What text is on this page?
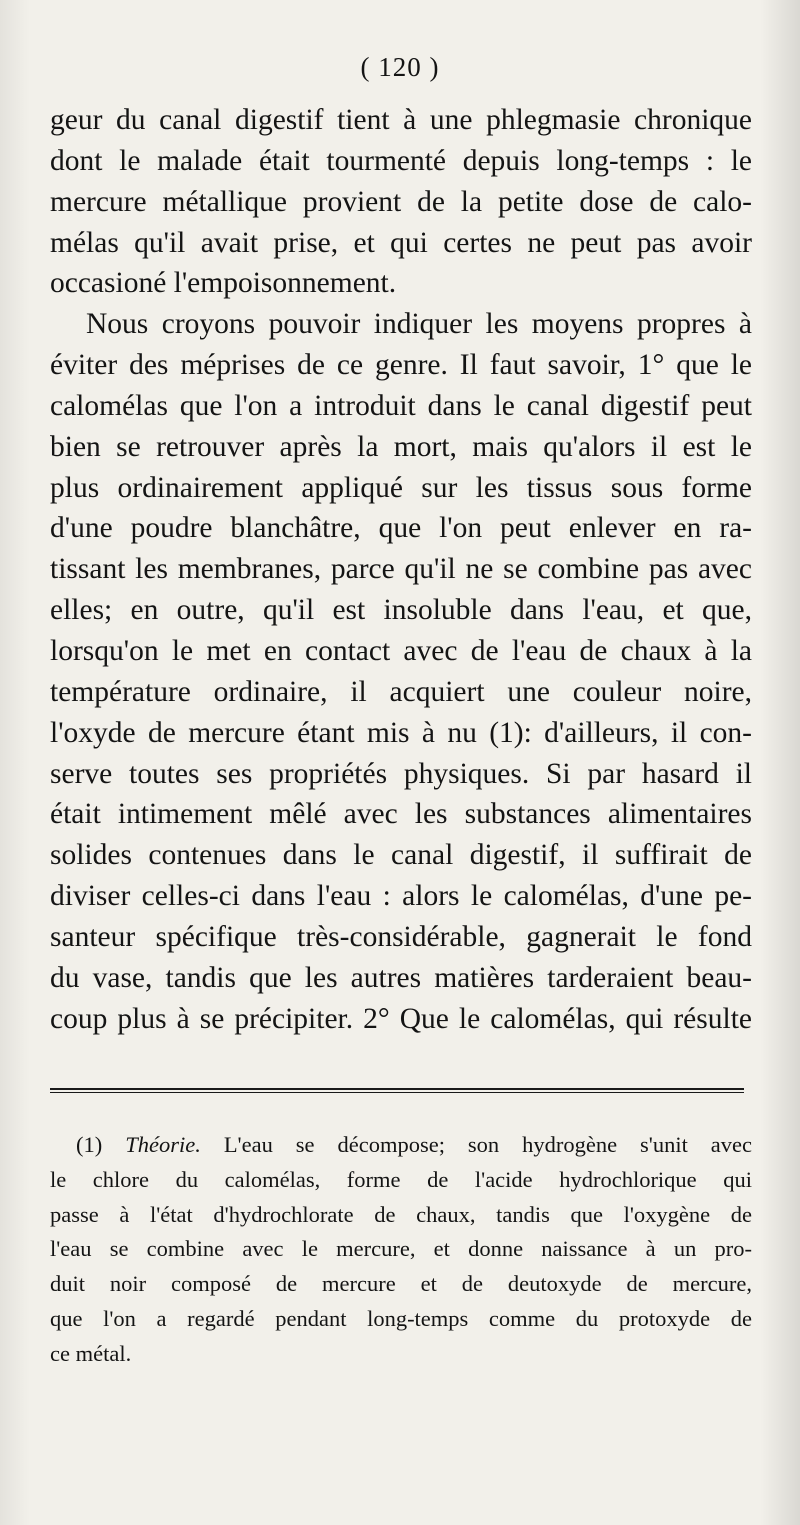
( 120 )
geur du canal digestif tient à une phlegmasie chronique
dont le malade était tourmenté depuis long-temps : le
mercure métallique provient de la petite dose de calo-
mélas qu'il avait prise, et qui certes ne peut pas avoir
occasioné l'empoisonnement.
Nous croyons pouvoir indiquer les moyens propres à
éviter des méprises de ce genre. Il faut savoir, 1° que le
calomélas que l'on a introduit dans le canal digestif peut
bien se retrouver après la mort, mais qu'alors il est le
plus ordinairement appliqué sur les tissus sous forme
d'une poudre blanchâtre, que l'on peut enlever en ra-
tissant les membranes, parce qu'il ne se combine pas avec
elles; en outre, qu'il est insoluble dans l'eau, et que,
lorsqu'on le met en contact avec de l'eau de chaux à la
température ordinaire, il acquiert une couleur noire,
l'oxyde de mercure étant mis à nu (1): d'ailleurs, il con-
serve toutes ses propriétés physiques. Si par hasard il
était intimement mêlé avec les substances alimentaires
solides contenues dans le canal digestif, il suffirait de
diviser celles-ci dans l'eau : alors le calomélas, d'une pe-
santeur spécifique très-considérable, gagnerait le fond
du vase, tandis que les autres matières tarderaient beau-
coup plus à se précipiter. 2° Que le calomélas, qui résulte
(1) Théorie. L'eau se décompose; son hydrogène s'unit avec
le chlore du calomélas, forme de l'acide hydrochlorique qui
passe à l'état d'hydrochlorate de chaux, tandis que l'oxygène de
l'eau se combine avec le mercure, et donne naissance à un pro-
duit noir composé de mercure et de deutoxyde de mercure,
que l'on a regardé pendant long-temps comme du protoxyde de
ce métal.
